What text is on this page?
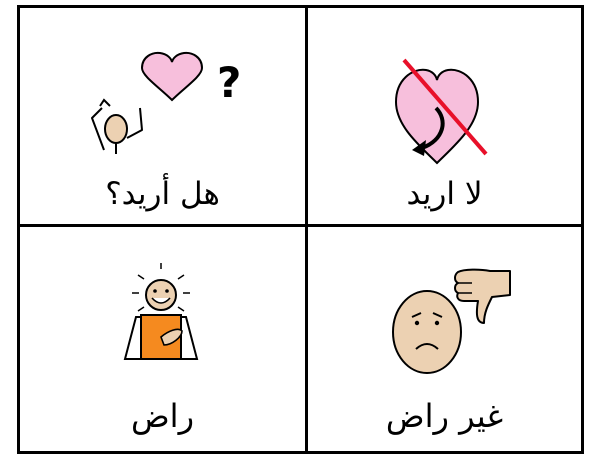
?
هل أريد؟	لا اريد
راض	غير راض
